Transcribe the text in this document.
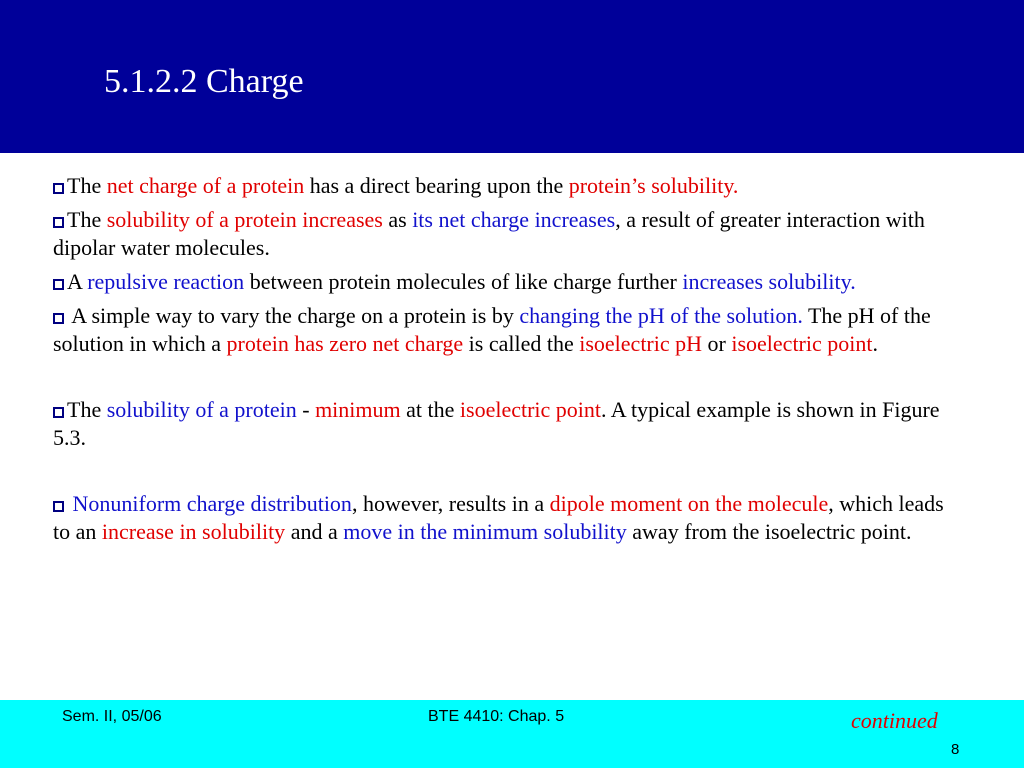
5.1.2.2 Charge
The net charge of a protein has a direct bearing upon the protein’s solubility.
The solubility of a protein increases as its net charge increases, a result of greater interaction with dipolar water molecules.
A repulsive reaction between protein molecules of like charge further increases solubility.
A simple way to vary the charge on a protein is by changing the pH of the solution. The pH of the solution in which a protein has zero net charge is called the isoelectric pH or isoelectric point.
The solubility of a protein - minimum at the isoelectric point. A typical example is shown in Figure 5.3.
Nonuniform charge distribution, however, results in a dipole moment on the molecule, which leads to an increase in solubility and a move in the minimum solubility away from the isoelectric point.
Sem. II, 05/06	BTE 4410: Chap. 5	continued
8
